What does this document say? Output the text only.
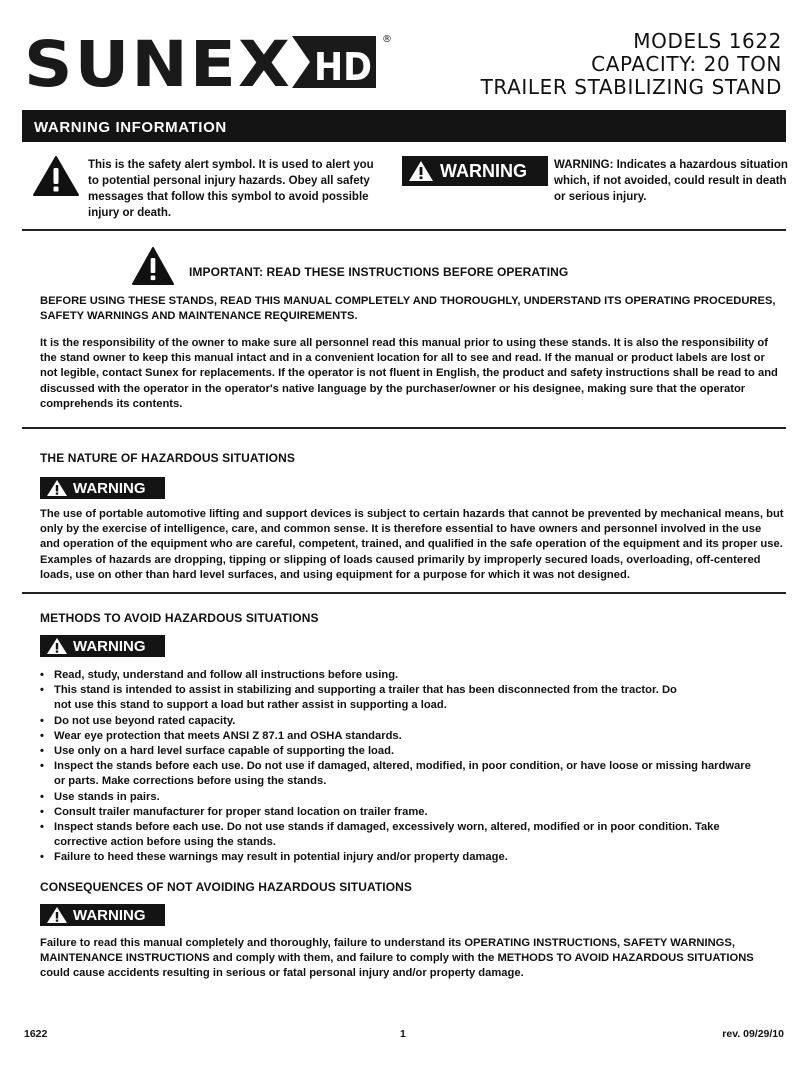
SUNEX HD
®	MODELS 1622
CAPACITY: 20 TON
TRAILER STABILIZING STAND
WARNING INFORMATION
This is the safety alert symbol. It is used to alert you to potential personal injury hazards. Obey all safety messages that follow this symbol to avoid possible injury or death.
WARNING WARNING: Indicates a hazardous situation which, if not avoided, could result in death or serious injury.
IMPORTANT: READ THESE INSTRUCTIONS BEFORE OPERATING
BEFORE USING THESE STANDS, READ THIS MANUAL COMPLETELY AND THOROUGHLY, UNDERSTAND ITS OPERATING PROCEDURES, SAFETY WARNINGS AND MAINTENANCE REQUIREMENTS.
It is the responsibility of the owner to make sure all personnel read this manual prior to using these stands. It is also the responsibility of the stand owner to keep this manual intact and in a convenient location for all to see and read. If the manual or product labels are lost or not legible, contact Sunex for replacements. If the operator is not fluent in English, the product and safety instructions shall be read to and discussed with the operator in the operator's native language by the purchaser/owner or his designee, making sure that the operator comprehends its contents.
THE NATURE OF HAZARDOUS SITUATIONS
WARNING
The use of portable automotive lifting and support devices is subject to certain hazards that cannot be prevented by mechanical means, but only by the exercise of intelligence, care, and common sense. It is therefore essential to have owners and personnel involved in the use and operation of the equipment who are careful, competent, trained, and qualified in the safe operation of the equipment and its proper use. Examples of hazards are dropping, tipping or slipping of loads caused primarily by improperly secured loads, overloading, off-centered loads, use on other than hard level surfaces, and using equipment for a purpose for which it was not designed.
METHODS TO AVOID HAZARDOUS SITUATIONS
WARNING
• Read, study, understand and follow all instructions before using.
• This stand is intended to assist in stabilizing and supporting a trailer that has been disconnected from the tractor. Do not use this stand to support a load but rather assist in supporting a load.
• Do not use beyond rated capacity.
• Wear eye protection that meets ANSI Z 87.1 and OSHA standards.
• Use only on a hard level surface capable of supporting the load.
• Inspect the stands before each use. Do not use if damaged, altered, modified, in poor condition, or have loose or missing hardware or parts. Make corrections before using the stands.
• Use stands in pairs.
• Consult trailer manufacturer for proper stand location on trailer frame.
• Inspect stands before each use. Do not use stands if damaged, excessively worn, altered, modified or in poor condition. Take corrective action before using the stands.
• Failure to heed these warnings may result in potential injury and/or property damage.
CONSEQUENCES OF NOT AVOIDING HAZARDOUS SITUATIONS
WARNING
Failure to read this manual completely and thoroughly, failure to understand its OPERATING INSTRUCTIONS, SAFETY WARNINGS, MAINTENANCE INSTRUCTIONS and comply with them, and failure to comply with the METHODS TO AVOID HAZARDOUS SITUATIONS could cause accidents resulting in serious or fatal personal injury and/or property damage.
1622	1	rev. 09/29/10
